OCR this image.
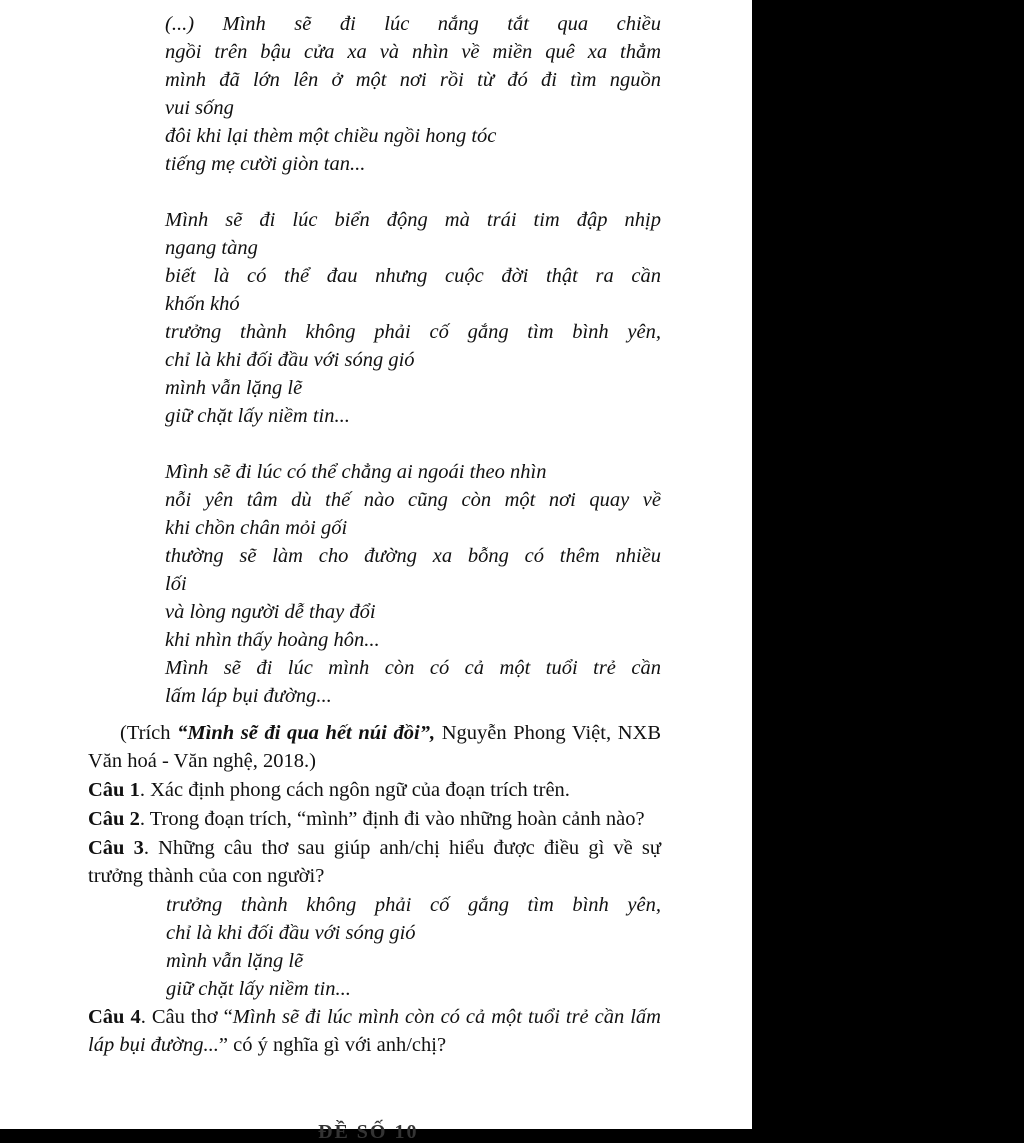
(...) Mình sẽ đi lúc nắng tắt qua chiều
ngồi trên bậu cửa xa và nhìn về miền quê xa thẳm
mình đã lớn lên ở một nơi rồi từ đó đi tìm nguồn
vui sống
đôi khi lại thèm một chiều ngồi hong tóc
tiếng mẹ cười giòn tan...
Mình sẽ đi lúc biển động mà trái tim đập nhịp
ngang tàng
biết là có thể đau nhưng cuộc đời thật ra cần
khốn khó
trưởng thành không phải cố gắng tìm bình yên,
chỉ là khi đối đầu với sóng gió
mình vẫn lặng lẽ
giữ chặt lấy niềm tin...
Mình sẽ đi lúc có thể chẳng ai ngoái theo nhìn
nỗi yên tâm dù thế nào cũng còn một nơi quay về
khi chồn chân mỏi gối
thường sẽ làm cho đường xa bỗng có thêm nhiều
lối
và lòng người dễ thay đổi
khi nhìn thấy hoàng hôn...
Mình sẽ đi lúc mình còn có cả một tuổi trẻ cần
lấm láp bụi đường...

(Trích “Mình sẽ đi qua hết núi đồi”, Nguyễn Phong Việt, NXB Văn hoá - Văn nghệ, 2018.)

Câu 1. Xác định phong cách ngôn ngữ của đoạn trích trên.

Câu 2. Trong đoạn trích, “mình” định đi vào những hoàn cảnh nào?

Câu 3. Những câu thơ sau giúp anh/chị hiểu được điều gì về sự trưởng thành của con người?

trưởng thành không phải cố gắng tìm bình yên,
chỉ là khi đối đầu với sóng gió
mình vẫn lặng lẽ
giữ chặt lấy niềm tin...

Câu 4. Câu thơ “Mình sẽ đi lúc mình còn có cả một tuổi trẻ cần lấm láp bụi đường...” có ý nghĩa gì với anh/chị?

ĐỀ SỐ 10
